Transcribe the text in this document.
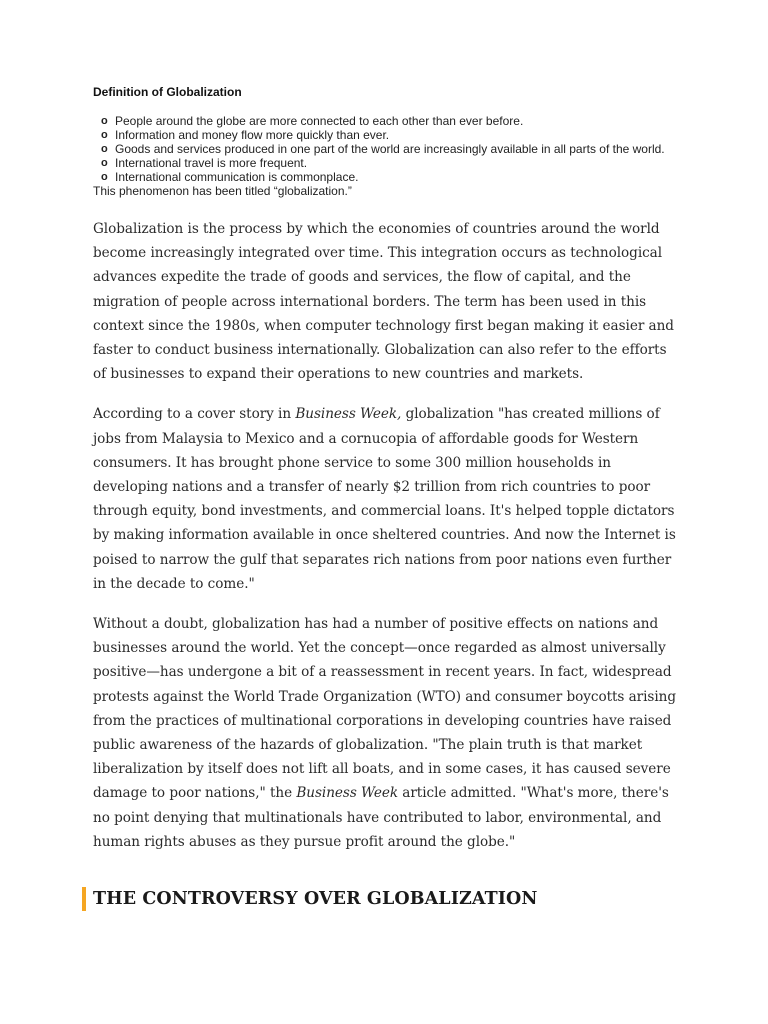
Definition of Globalization
o People around the globe are more connected to each other than ever before.
o Information and money flow more quickly than ever.
o Goods and services produced in one part of the world are increasingly available in all parts of the world.
o International travel is more frequent.
o International communication is commonplace.
This phenomenon has been titled “globalization.”

Globalization is the process by which the economies of countries around the world become increasingly integrated over time. This integration occurs as technological advances expedite the trade of goods and services, the flow of capital, and the migration of people across international borders. The term has been used in this context since the 1980s, when computer technology first began making it easier and faster to conduct business internationally. Globalization can also refer to the efforts of businesses to expand their operations to new countries and markets.

According to a cover story in Business Week, globalization "has created millions of jobs from Malaysia to Mexico and a cornucopia of affordable goods for Western consumers. It has brought phone service to some 300 million households in developing nations and a transfer of nearly $2 trillion from rich countries to poor through equity, bond investments, and commercial loans. It's helped topple dictators by making information available in once sheltered countries. And now the Internet is poised to narrow the gulf that separates rich nations from poor nations even further in the decade to come."

Without a doubt, globalization has had a number of positive effects on nations and businesses around the world. Yet the concept—once regarded as almost universally positive—has undergone a bit of a reassessment in recent years. In fact, widespread protests against the World Trade Organization (WTO) and consumer boycotts arising from the practices of multinational corporations in developing countries have raised public awareness of the hazards of globalization. "The plain truth is that market liberalization by itself does not lift all boats, and in some cases, it has caused severe damage to poor nations," the Business Week article admitted. "What's more, there's no point denying that multinationals have contributed to labor, environmental, and human rights abuses as they pursue profit around the globe."

THE CONTROVERSY OVER GLOBALIZATION
